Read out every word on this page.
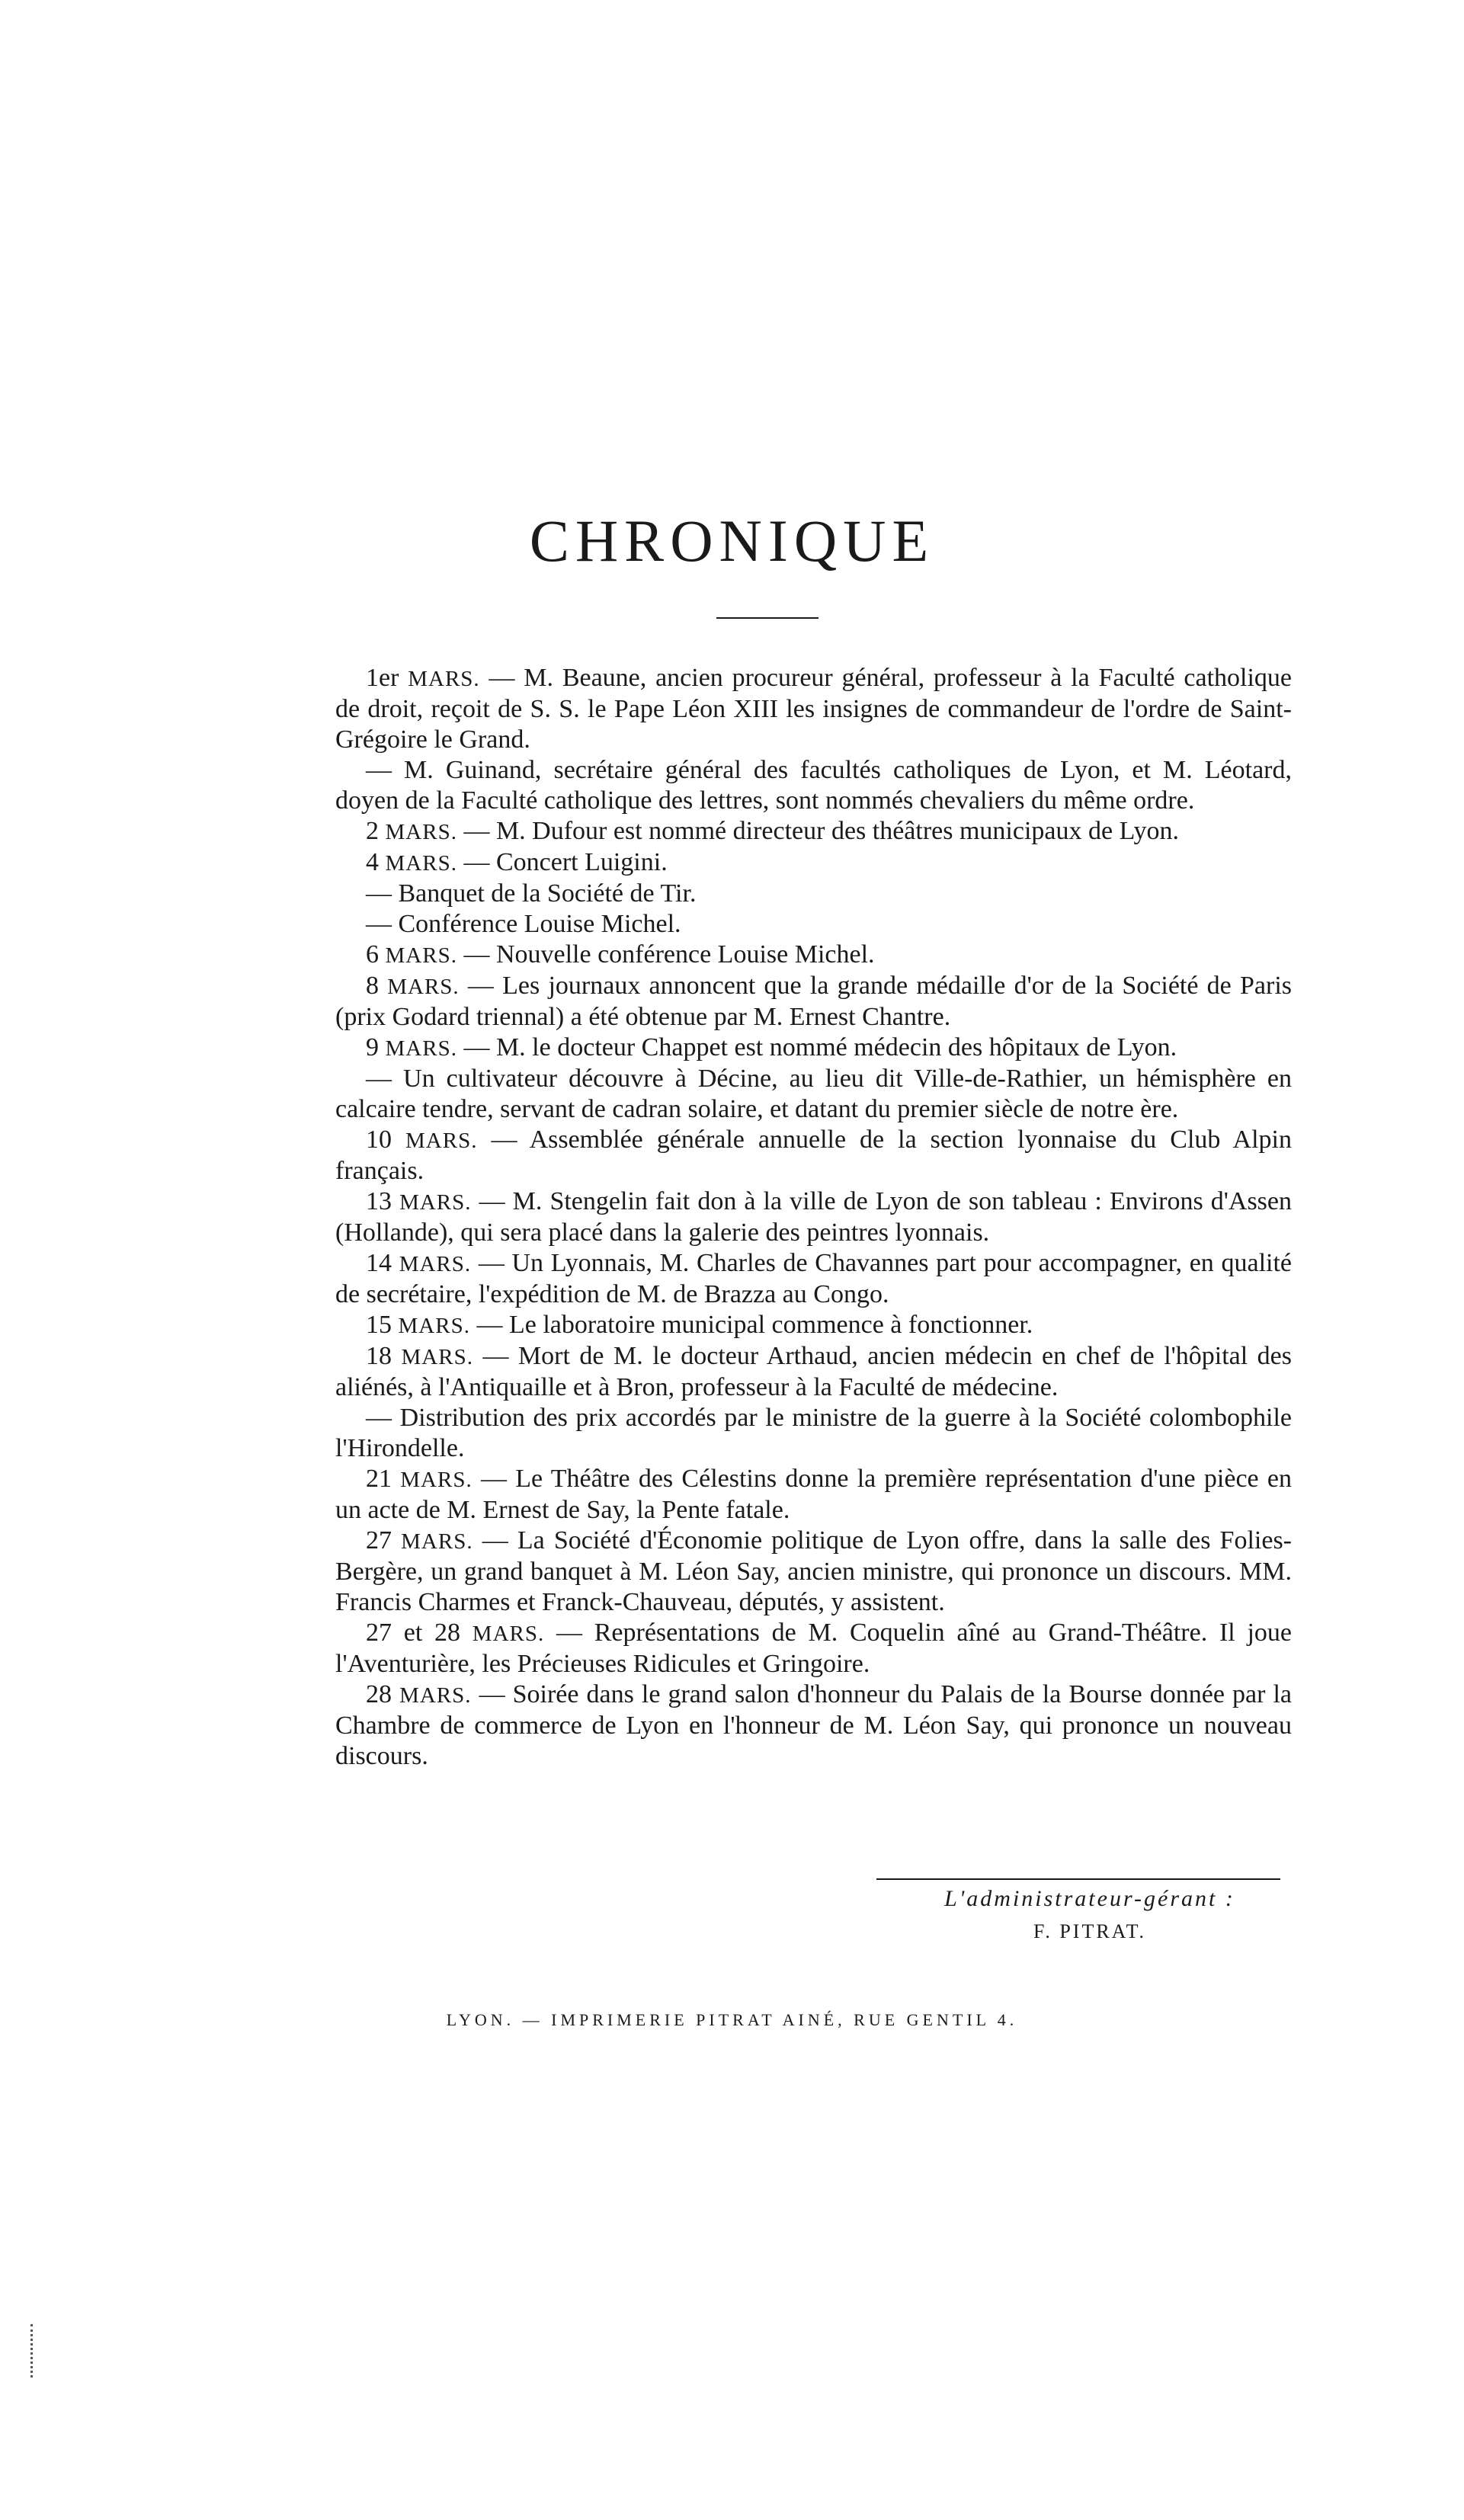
CHRONIQUE

1er MARS. — M. Beaune, ancien procureur général, professeur à la Faculté catholique de droit, reçoit de S. S. le Pape Léon XIII les insignes de commandeur de l'ordre de Saint-Grégoire le Grand.

— M. Guinand, secrétaire général des facultés catholiques de Lyon, et M. Léotard, doyen de la Faculté catholique des lettres, sont nommés chevaliers du même ordre.

2 MARS. — M. Dufour est nommé directeur des théâtres municipaux de Lyon.

4 MARS. — Concert Luigini.

— Banquet de la Société de Tir.

— Conférence Louise Michel.

6 MARS. — Nouvelle conférence Louise Michel.

8 MARS. — Les journaux annoncent que la grande médaille d'or de la Société de Paris (prix Godard triennal) a été obtenue par M. Ernest Chantre.

9 MARS. — M. le docteur Chappet est nommé médecin des hôpitaux de Lyon.

— Un cultivateur découvre à Décine, au lieu dit Ville-de-Rathier, un hémisphère en calcaire tendre, servant de cadran solaire, et datant du premier siècle de notre ère.

10 MARS. — Assemblée générale annuelle de la section lyonnaise du Club Alpin français.

13 MARS. — M. Stengelin fait don à la ville de Lyon de son tableau : Environs d'Assen (Hollande), qui sera placé dans la galerie des peintres lyonnais.

14 MARS. — Un Lyonnais, M. Charles de Chavannes part pour accompagner, en qualité de secrétaire, l'expédition de M. de Brazza au Congo.

15 MARS. — Le laboratoire municipal commence à fonctionner.

18 MARS. — Mort de M. le docteur Arthaud, ancien médecin en chef de l'hôpital des aliénés, à l'Antiquaille et à Bron, professeur à la Faculté de médecine.

— Distribution des prix accordés par le ministre de la guerre à la Société colombophile l'Hirondelle.

21 MARS. — Le Théâtre des Célestins donne la première représentation d'une pièce en un acte de M. Ernest de Say, la Pente fatale.

27 MARS. — La Société d'Économie politique de Lyon offre, dans la salle des Folies-Bergère, un grand banquet à M. Léon Say, ancien ministre, qui prononce un discours. MM. Francis Charmes et Franck-Chauveau, députés, y assistent.

27 et 28 MARS. — Représentations de M. Coquelin aîné au Grand-Théâtre. Il joue l'Aventurière, les Précieuses Ridicules et Gringoire.

28 MARS. — Soirée dans le grand salon d'honneur du Palais de la Bourse donnée par la Chambre de commerce de Lyon en l'honneur de M. Léon Say, qui prononce un nouveau discours.

L'administrateur-gérant :
F. PITRAT.
LYON. — IMPRIMERIE PITRAT AINÉ, RUE GENTIL 4.
